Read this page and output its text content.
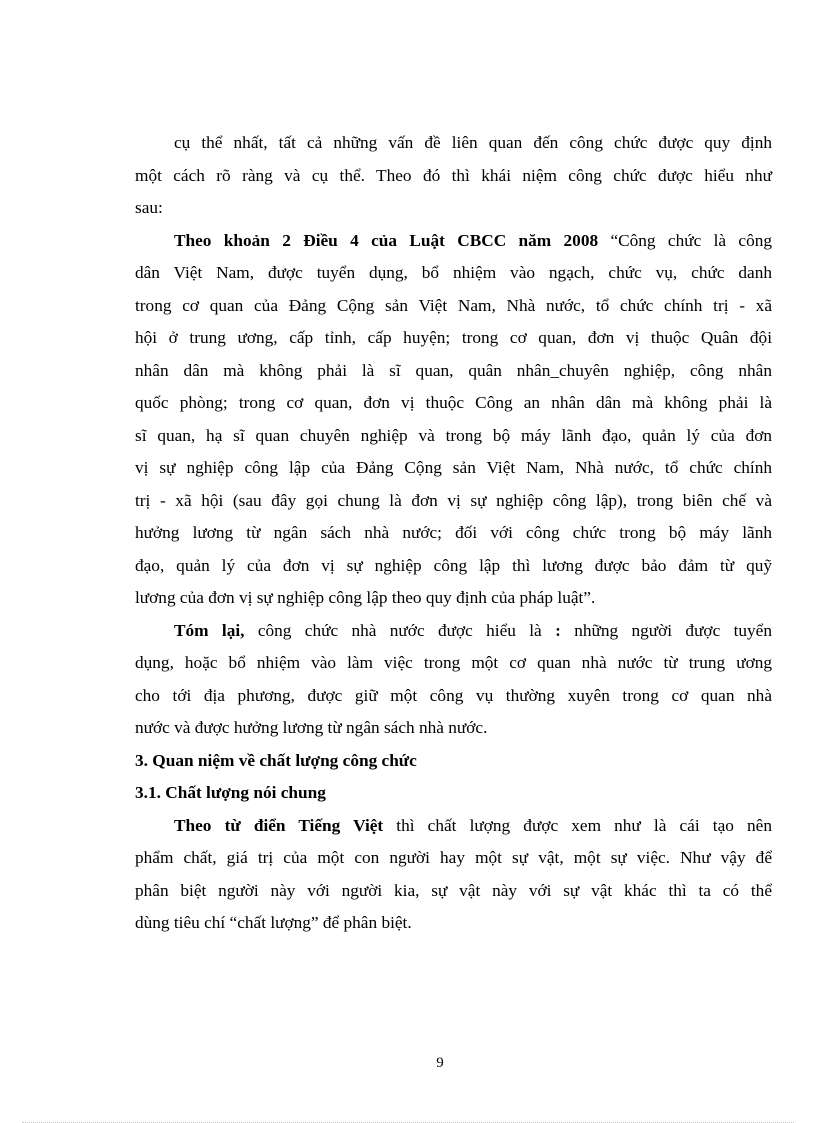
cụ thể nhất, tất cả những vấn đề liên quan đến công chức được quy định
một cách rõ ràng và cụ thể. Theo đó thì khái niệm công chức được hiểu như
sau:
Theo khoản 2 Điều 4 của Luật CBCC năm 2008 “Công chức là công
dân Việt Nam, được tuyển dụng, bổ nhiệm vào ngạch, chức vụ, chức danh
trong cơ quan của Đảng Cộng sản Việt Nam, Nhà nước, tổ chức chính trị - xã
hội ở trung ương, cấp tỉnh, cấp huyện; trong cơ quan, đơn vị thuộc Quân đội
nhân dân mà không phải là sĩ quan, quân nhân_chuyên nghiệp, công nhân
quốc phòng; trong cơ quan, đơn vị thuộc Công an nhân dân mà không phải là
sĩ quan, hạ sĩ quan chuyên nghiệp và trong bộ máy lãnh đạo, quản lý của đơn
vị sự nghiệp công lập của Đảng Cộng sản Việt Nam, Nhà nước, tổ chức chính
trị - xã hội (sau đây gọi chung là đơn vị sự nghiệp công lập), trong biên chế và
hưởng lương từ ngân sách nhà nước; đối với công chức trong bộ máy lãnh
đạo, quản lý của đơn vị sự nghiệp công lập thì lương được bảo đảm từ quỹ
lương của đơn vị sự nghiệp công lập theo quy định của pháp luật”.
Tóm lại, công chức nhà nước được hiểu là : những người được tuyển
dụng, hoặc bổ nhiệm vào làm việc trong một cơ quan nhà nước từ trung ương
cho tới địa phương, được giữ một công vụ thường xuyên trong cơ quan nhà
nước và được hưởng lương từ ngân sách nhà nước.
3. Quan niệm về chất lượng công chức
3.1. Chất lượng nói chung
Theo từ điển Tiếng Việt thì chất lượng được xem như là cái tạo nên
phẩm chất, giá trị của một con người hay một sự vật, một sự việc. Như vậy để
phân biệt người này với người kia, sự vật này với sự vật khác thì ta có thể
dùng tiêu chí “chất lượng” để phân biệt.
9
